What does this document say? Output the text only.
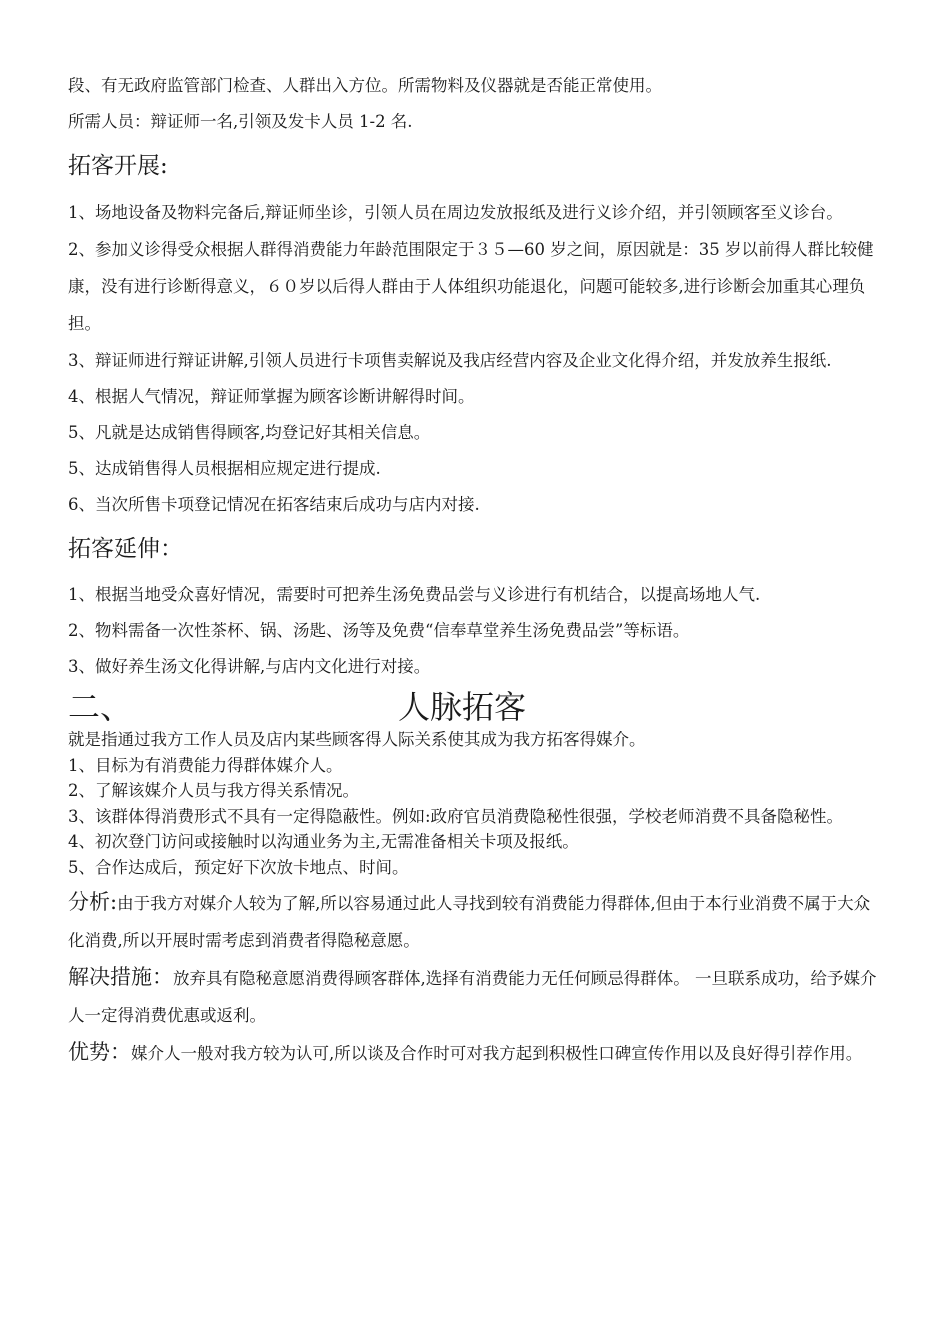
段、有无政府监管部门检查、人群出入方位。所需物料及仪器就是否能正常使用。

所需人员：辩证师一名,引领及发卡人员 1-2 名.

拓客开展:

1、场地设备及物料完备后,辩证师坐诊，引领人员在周边发放报纸及进行义诊介绍，并引领顾客至义诊台。

2、参加义诊得受众根据人群得消费能力年龄范围限定于３５—60 岁之间，原因就是：35 岁以前得人群比较健康，没有进行诊断得意义，６０岁以后得人群由于人体组织功能退化，问题可能较多,进行诊断会加重其心理负担。

3、辩证师进行辩证讲解,引领人员进行卡项售卖解说及我店经营内容及企业文化得介绍，并发放养生报纸.

4、根据人气情况，辩证师掌握为顾客诊断讲解得时间。

5、凡就是达成销售得顾客,均登记好其相关信息。

5、达成销售得人员根据相应规定进行提成.

6、当次所售卡项登记情况在拓客结束后成功与店内对接.

拓客延伸：

1、根据当地受众喜好情况，需要时可把养生汤免费品尝与义诊进行有机结合，以提高场地人气.

2、物料需备一次性茶杯、锅、汤匙、汤等及免费“信奉草堂养生汤免费品尝”等标语。

3、做好养生汤文化得讲解,与店内文化进行对接。

二、	人脉拓客

就是指通过我方工作人员及店内某些顾客得人际关系使其成为我方拓客得媒介。

1、目标为有消费能力得群体媒介人。

2、了解该媒介人员与我方得关系情况。

3、该群体得消费形式不具有一定得隐蔽性。例如:政府官员消费隐秘性很强，学校老师消费不具备隐秘性。

4、初次登门访问或接触时以沟通业务为主,无需准备相关卡项及报纸。

5、合作达成后，预定好下次放卡地点、时间。

分析:由于我方对媒介人较为了解,所以容易通过此人寻找到较有消费能力得群体,但由于本行业消费不属于大众化消费,所以开展时需考虑到消费者得隐秘意愿。

解决措施：放弃具有隐秘意愿消费得顾客群体,选择有消费能力无任何顾忌得群体。 一旦联系成功，给予媒介人一定得消费优惠或返利。

优势：媒介人一般对我方较为认可,所以谈及合作时可对我方起到积极性口碑宣传作用以及良好得引荐作用。
